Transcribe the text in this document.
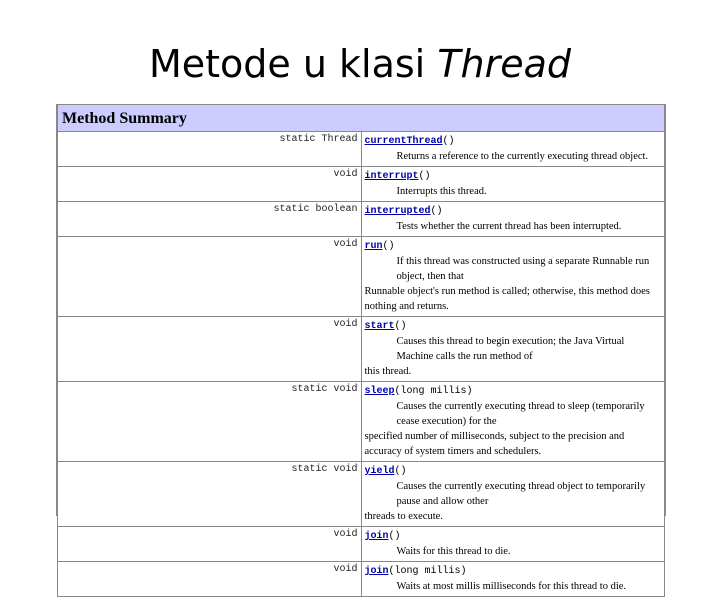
Metode u klasi Thread
Method Summary	
static Thread	currentThread()
Returns a reference to the currently executing thread object.

void	interrupt()
Interrupts this thread.

static boolean	interrupted()
Tests whether the current thread has been interrupted.

void	run()
If this thread was constructed using a separate Runnable run object, then that
Runnable object's run method is called; otherwise, this method does nothing and returns.

void	start()
Causes this thread to begin execution; the Java Virtual Machine calls the run method of
this thread.

static void	sleep(long millis)
Causes the currently executing thread to sleep (temporarily cease execution) for the
specified number of milliseconds, subject to the precision and accuracy of system timers and schedulers.

static void	yield()
Causes the currently executing thread object to temporarily pause and allow other
threads to execute.

void	join()
Waits for this thread to die.

void	join(long millis)
Waits at most millis milliseconds for this thread to die.
